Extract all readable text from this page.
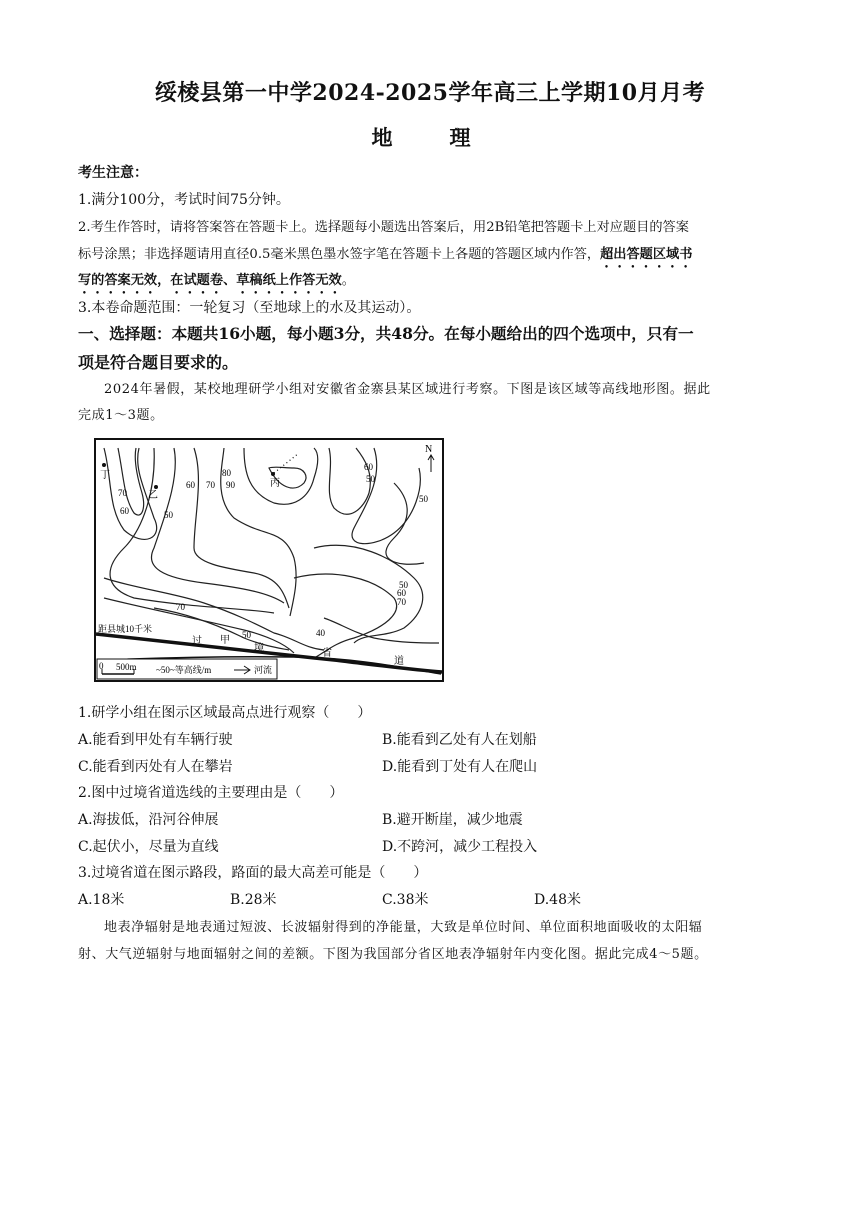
绥棱县第一中学2024-2025学年高三上学期10月月考
地　理
考生注意：
1.满分100分，考试时间75分钟。
2.考生作答时，请将答案答在答题卡上。选择题每小题选出答案后，用2B铅笔把答题卡上对应题目的答案
标号涂黑；非选择题请用直径0.5毫米黑色墨水签字笔在答题卡上各题的答题区域内作答，超出答题区域书
写的答案无效，在试题卷、草稿纸上作答无效。
3.本卷命题范围：一轮复习（至地球上的水及其运动）。
一、选择题：本题共16小题，每小题3分，共48分。在每小题给出的四个选项中，只有一
项是符合题目要求的。
2024年暑假，某校地理研学小组对安徽省金寨县某区域进行考察。下图是该区域等高线地形图。据此
完成1～3题。
0 500m ~50~等高线/m	河流
N
丁
乙
丙
甲
过
境	省
道
距县城10千米
70
60	50
60 70
80
90
60
50
50
50
60
70
70
50	40
1.研学小组在图示区域最高点进行观察（　　）
A.能看到甲处有车辆行驶	B.能看到乙处有人在划船
C.能看到丙处有人在攀岩	D.能看到丁处有人在爬山
2.图中过境省道选线的主要理由是（　　）
A.海拔低，沿河谷伸展	B.避开断崖，减少地震
C.起伏小，尽量为直线	D.不跨河，减少工程投入
3.过境省道在图示路段，路面的最大高差可能是（　　）
A.18米	B.28米	C.38米	D.48米
地表净辐射是地表通过短波、长波辐射得到的净能量，大致是单位时间、单位面积地面吸收的太阳辐
射、大气逆辐射与地面辐射之间的差额。下图为我国部分省区地表净辐射年内变化图。据此完成4～5题。
